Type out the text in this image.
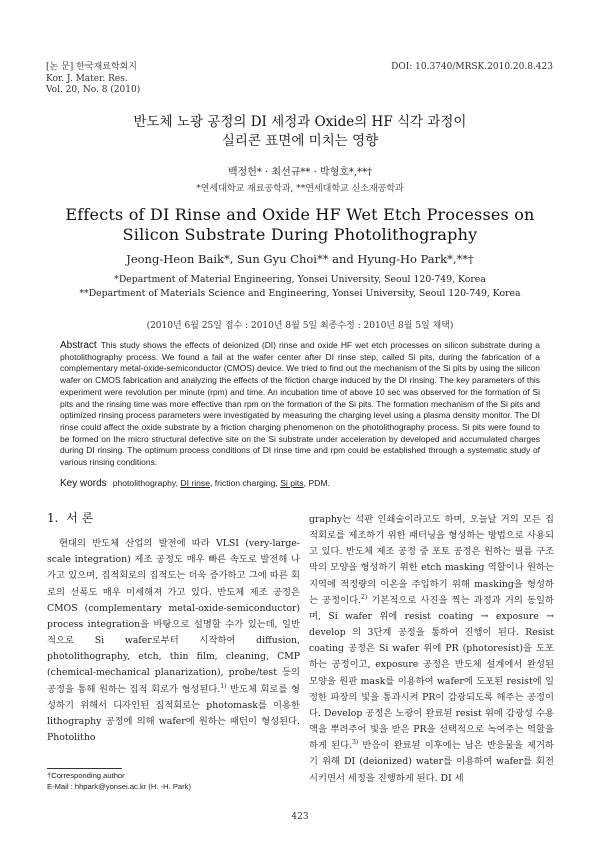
[논 문] 한국재료학회지
Kor. J. Mater. Res.
Vol. 20, No. 8 (2010)
DOI: 10.3740/MRSK.2010.20.8.423
반도체 노광 공정의 DI 세정과 Oxide의 HF 식각 과정이
실리콘 표면에 미치는 영향
백정헌* · 최선규** · 박형호*,**†
*연세대학교 재료공학과, **연세대학교 신소재공학과
Effects of DI Rinse and Oxide HF Wet Etch Processes on
Silicon Substrate During Photolithography
Jeong-Heon Baik*, Sun Gyu Choi** and Hyung-Ho Park*,**†
*Department of Material Engineering, Yonsei University, Seoul 120-749, Korea
**Department of Materials Science and Engineering, Yonsei University, Seoul 120-749, Korea
(2010년 6월 25일 접수 : 2010년 8월 5일 최종수정 : 2010년 8월 5일 채택)
Abstract This study shows the effects of deionized (DI) rinse and oxide HF wet etch processes on silicon substrate during a photolithography process. We found a fail at the wafer center after DI rinse step, called Si pits, during the fabrication of a complementary metal-oxide-semiconductor (CMOS) device. We tried to find out the mechanism of the Si pits by using the silicon wafer on CMOS fabrication and analyzing the effects of the friction charge induced by the DI rinsing. The key parameters of this experiment were revolution per minute (rpm) and time. An incubation time of above 10 sec was observed for the formation of Si pits and the rinsing time was more effective than rpm on the formation of the Si pits. The formation mechanism of the Si pits and optimized rinsing process parameters were investigated by measuring the charging level using a plasma density monitor. The DI rinse could affect the oxide substrate by a friction charging phenomenon on the photolithography process. Si pits were found to be formed on the micro structural defective site on the Si substrate under acceleration by developed and accumulated charges during DI rinsing. The optimum process conditions of DI rinse time and rpm could be established through a systematic study of various rinsing conditions.
Key words photolithography, DI rinse, friction charging, Si pits, PDM.
1. 서 론

현대의 반도체 산업의 발전에 따라 VLSI (very-large-scale integration) 제조 공정도 매우 빠른 속도로 발전해 나가고 있으며, 집적회로의 집적도는 더욱 증가하고 그에 따른 회로의 선폭도 매우 미세해져 가고 있다. 반도체 제조 공정은 CMOS (complementary metal-oxide-semiconductor) process integration을 바탕으로 설명할 수가 있는데, 일반적으로 Si wafer로부터 시작하여 diffusion, photolithography, etch, thin film, cleaning, CMP (chemical-mechanical planarization), probe/test 등의 공정을 통해 원하는 집적 회로가 형성된다.$^{1)}$ 반도체 회로를 형성하기 위해서 디자인된 집적회로는 photomask를 이용한 lithography 공정에 의해 wafer에 원하는 패턴이 형성된다. Photolitho

graphy는 석판 인쇄술이라고도 하며, 오늘날 거의 모든 집적회로를 제조하기 위한 패터닝을 형성하는 방법으로 사용되고 있다. 반도체 제조 공정 중 포토 공정은 원하는 필름 구조막의 모양을 형성하기 위한 etch masking 역할이나 원하는 지역에 적정량의 이온을 주입하기 위해 masking을 형성하는 공정이다.$^{2)}$ 기본적으로 사진을 찍는 과정과 거의 동일하며, Si wafer 위에 resist coating → exposure → develop 의 3단계 공정을 통하여 진행이 된다. Resist coating 공정은 Si wafer 위에 PR (photoresist)을 도포하는 공정이고, exposure 공정은 반도체 설계에서 완성된 모양을 원판 mask를 이용하여 wafer에 도포된 resist에 일정한 파장의 빛을 통과시켜 PR이 감광되도록 해주는 공정이다. Develop 공정은 노광이 완료된 resist 위에 감광성 수용액을 뿌려주어 빛을 받은 PR을 선택적으로 녹여주는 역할을 하게 된다.$^{3)}$ 반응이 완료된 이후에는 남은 반응물을 제거하기 위해 DI (deionized) water를 이용하여 wafer를 회전시키면서 세정을 진행하게 된다. DI 세

†Corresponding author
E-Mail : hhpark@yonsei.ac.kr (H. -H. Park)
423
